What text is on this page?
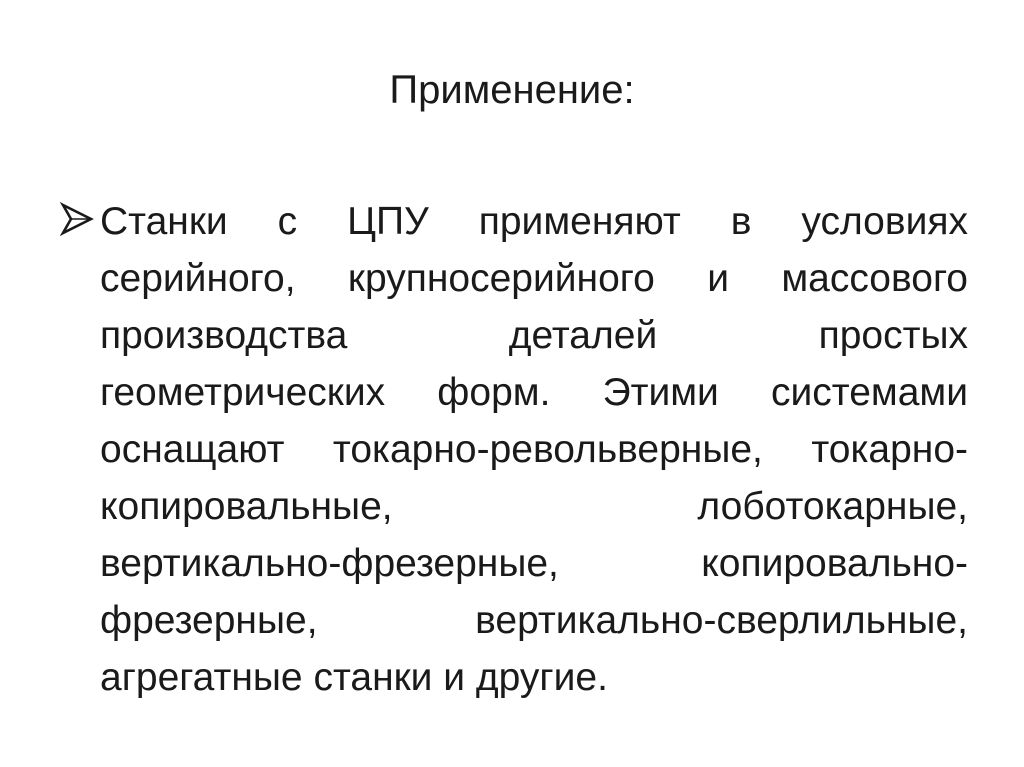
Применение:
Станки с ЦПУ применяют в условиях
серийного, крупносерийного и массового
производства деталей простых
геометрических форм. Этими системами
оснащают токарно-револьверные, токарно-
копировальные, лоботокарные,
вертикально-фрезерные, копировально-
фрезерные, вертикально-сверлильные,
агрегатные станки и другие.
